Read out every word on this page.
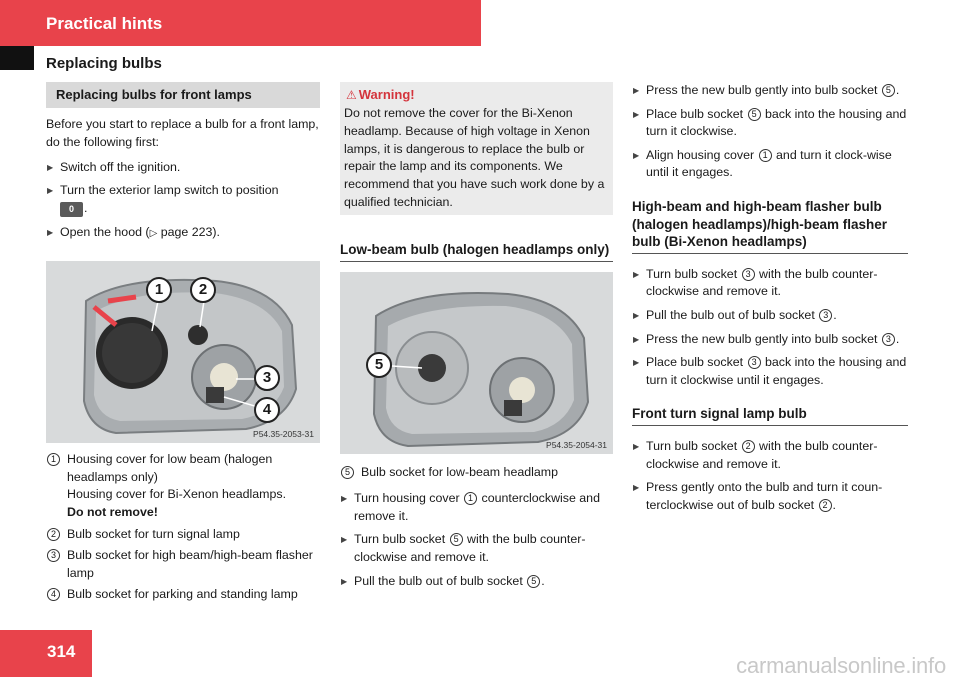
Practical hints
Replacing bulbs
Replacing bulbs for front lamps

Before you start to replace a bulb for a front lamp, do the following first:

▶ Switch off the ignition.
▶ Turn the exterior lamp switch to position
0 .
▶ Open the hood (▷ page 223).
1	2
3
4
P54.35-2053-31
1 Housing cover for low beam (halogen headlamps only)
Housing cover for Bi-Xenon headlamps.
Do not remove!
2 Bulb socket for turn signal lamp
3 Bulb socket for high beam/high-beam flasher lamp
4 Bulb socket for parking and standing lamp
⚠ Warning!
Do not remove the cover for the Bi-Xenon headlamp. Because of high voltage in Xenon lamps, it is dangerous to replace the bulb or repair the lamp and its components. We recommend that you have such work done by a qualified technician.
Low-beam bulb (halogen headlamps only)
5
P54.35-2054-31
5 Bulb socket for low-beam headlamp
▶ Turn housing cover 1 counterclockwise and remove it.
▶ Turn bulb socket 5 with the bulb counter-clockwise and remove it.
▶ Pull the bulb out of bulb socket 5 .
▶ Press the new bulb gently into bulb socket 5 .
▶ Place bulb socket 5 back into the housing and turn it clockwise.
▶ Align housing cover 1 and turn it clock-wise until it engages.
High-beam and high-beam flasher bulb (halogen headlamps)/high-beam flasher bulb (Bi-Xenon headlamps)
▶ Turn bulb socket 3 with the bulb counter-clockwise and remove it.
▶ Pull the bulb out of bulb socket 3 .
▶ Press the new bulb gently into bulb socket 3 .
▶ Place bulb socket 3 back into the housing and turn it clockwise until it engages.
Front turn signal lamp bulb
▶ Turn bulb socket 2 with the bulb counter-clockwise and remove it.
▶ Press gently onto the bulb and turn it coun-terclockwise out of bulb socket 2 .
314
carmanualsonline.info
